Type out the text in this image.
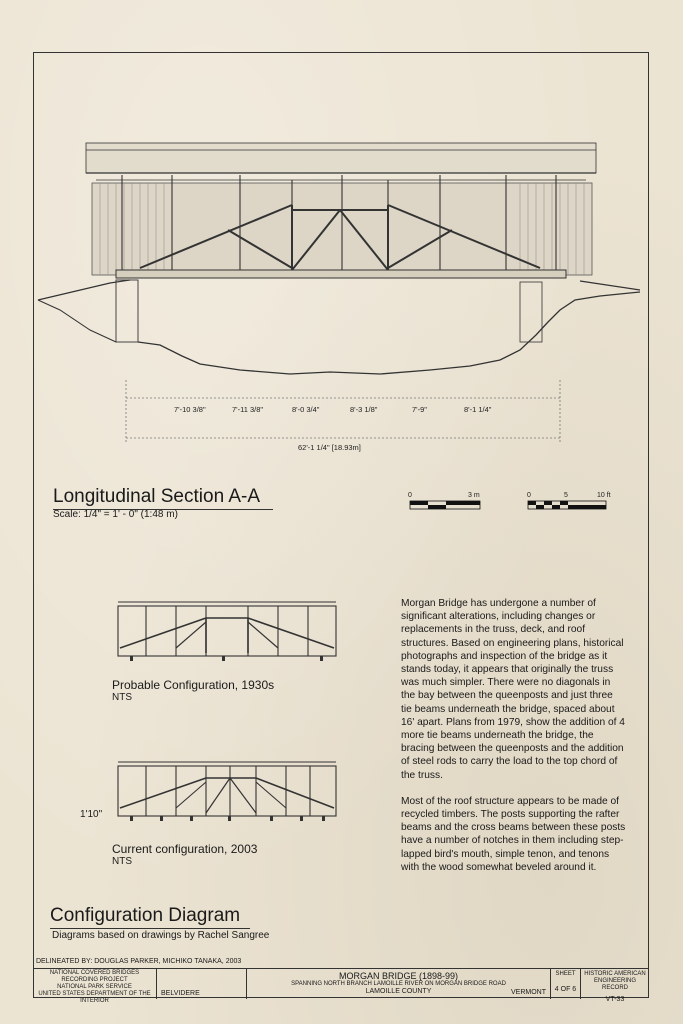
7'-10 3/8"	7'-11 3/8"	8'-0 3/4"	8'-3 1/8"	7'-9"	8'-1 1/4"
62'-1 1/4" [18.93m]
Longitudinal Section A-A
Scale: 1/4" = 1' - 0" (1:48 m)
0	3 m	0	5	10 ft
Probable Configuration, 1930s
NTS
1'10"
Current configuration, 2003
NTS
Configuration Diagram
Diagrams based on drawings by Rachel Sangree

Morgan Bridge has undergone a number of significant alterations, including changes or replacements in the truss, deck, and roof structures. Based on engineering plans, historical photographs and inspection of the bridge as it stands today, it appears that originally the truss was much simpler. There were no diagonals in the bay between the queenposts and just three tie beams underneath the bridge, spaced about 16' apart. Plans from 1979, show the addition of 4 more tie beams underneath the bridge, the bracing between the queenposts and the addition of steel rods to carry the load to the top chord of the truss.

Most of the roof structure appears to be made of recycled timbers. The posts supporting the rafter beams and the cross beams between these posts have a number of notches in them including step-lapped bird's mouth, simple tenon, and tenons with the wood somewhat beveled around it.

DELINEATED BY: DOUGLAS PARKER, MICHIKO TANAKA, 2003
NATIONAL COVERED BRIDGES
RECORDING PROJECT
NATIONAL PARK SERVICE
UNITED STATES DEPARTMENT OF THE INTERIOR
BELVIDERE
MORGAN BRIDGE (1898-99)
SPANNING NORTH BRANCH LAMOILLE RIVER ON MORGAN BRIDGE ROAD
LAMOILLE COUNTY	VERMONT
SHEET
4 OF 6
HISTORIC AMERICAN
ENGINEERING RECORD
VT-33
